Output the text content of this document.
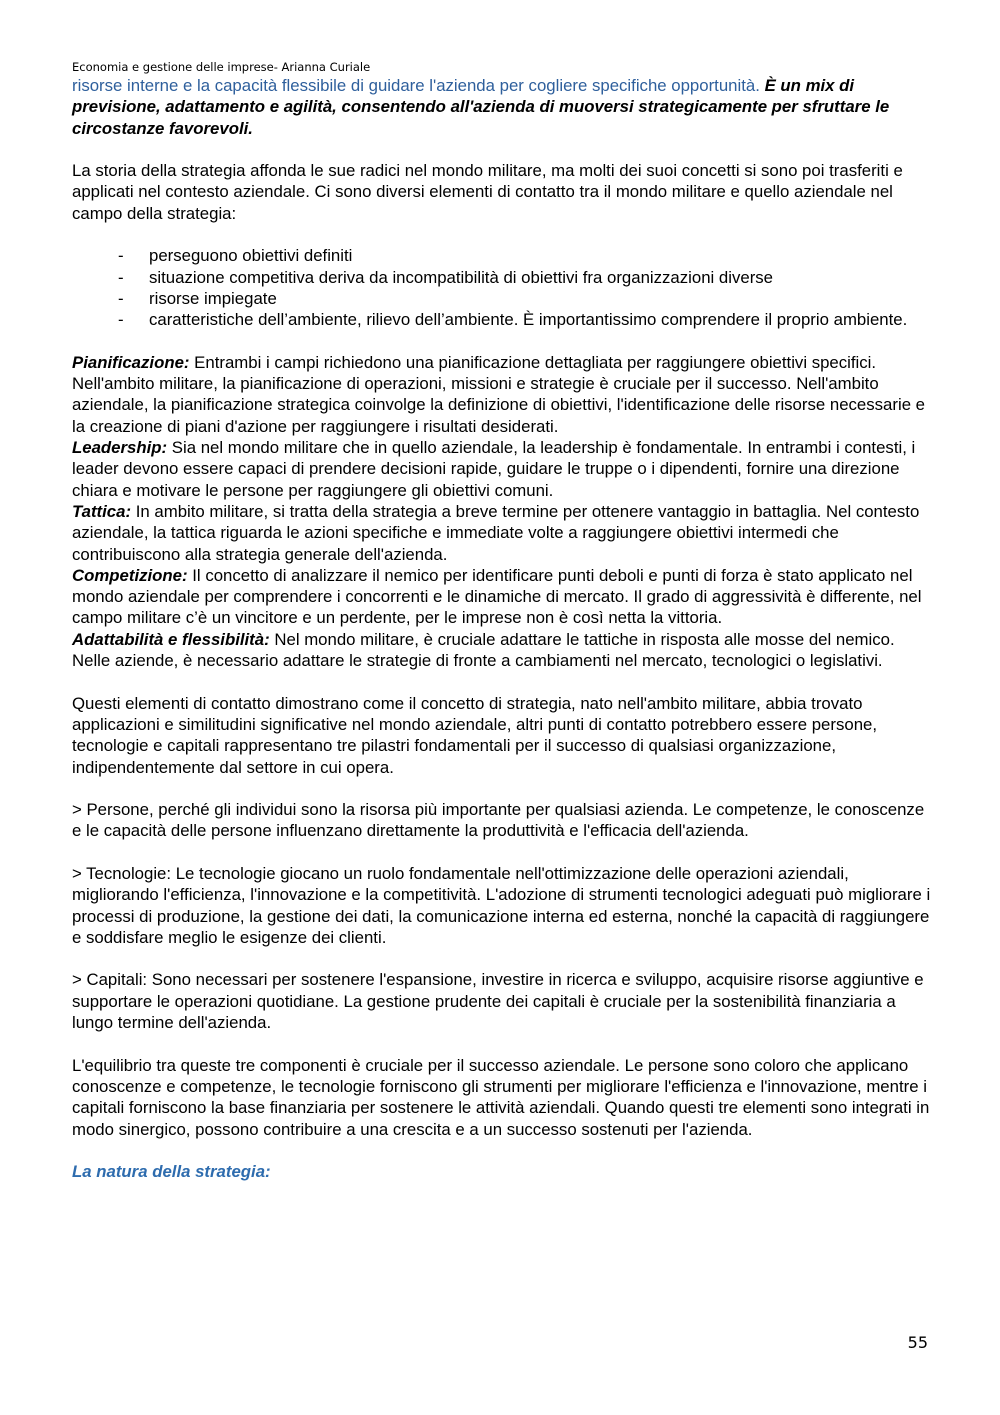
Economia e gestione delle imprese- Arianna Curiale

risorse interne e la capacità flessibile di guidare l'azienda per cogliere specifiche opportunità. È un mix di previsione, adattamento e agilità, consentendo all'azienda di muoversi strategicamente per sfruttare le circostanze favorevoli.

La storia della strategia affonda le sue radici nel mondo militare, ma molti dei suoi concetti si sono poi trasferiti e applicati nel contesto aziendale. Ci sono diversi elementi di contatto tra il mondo militare e quello aziendale nel campo della strategia:

- perseguono obiettivi definiti
- situazione competitiva deriva da incompatibilità di obiettivi fra organizzazioni diverse
- risorse impiegate
- caratteristiche dell’ambiente, rilievo dell’ambiente. È importantissimo comprendere il proprio ambiente.

Pianificazione: Entrambi i campi richiedono una pianificazione dettagliata per raggiungere obiettivi specifici. Nell'ambito militare, la pianificazione di operazioni, missioni e strategie è cruciale per il successo. Nell'ambito aziendale, la pianificazione strategica coinvolge la definizione di obiettivi, l'identificazione delle risorse necessarie e la creazione di piani d'azione per raggiungere i risultati desiderati.

Leadership: Sia nel mondo militare che in quello aziendale, la leadership è fondamentale. In entrambi i contesti, i leader devono essere capaci di prendere decisioni rapide, guidare le truppe o i dipendenti, fornire una direzione chiara e motivare le persone per raggiungere gli obiettivi comuni.

Tattica: In ambito militare, si tratta della strategia a breve termine per ottenere vantaggio in battaglia. Nel contesto aziendale, la tattica riguarda le azioni specifiche e immediate volte a raggiungere obiettivi intermedi che contribuiscono alla strategia generale dell'azienda.

Competizione: Il concetto di analizzare il nemico per identificare punti deboli e punti di forza è stato applicato nel mondo aziendale per comprendere i concorrenti e le dinamiche di mercato. Il grado di aggressività è differente, nel campo militare c’è un vincitore e un perdente, per le imprese non è così netta la vittoria.

Adattabilità e flessibilità: Nel mondo militare, è cruciale adattare le tattiche in risposta alle mosse del nemico. Nelle aziende, è necessario adattare le strategie di fronte a cambiamenti nel mercato, tecnologici o legislativi.

Questi elementi di contatto dimostrano come il concetto di strategia, nato nell'ambito militare, abbia trovato applicazioni e similitudini significative nel mondo aziendale, altri punti di contatto potrebbero essere persone, tecnologie e capitali rappresentano tre pilastri fondamentali per il successo di qualsiasi organizzazione, indipendentemente dal settore in cui opera.

> Persone, perché gli individui sono la risorsa più importante per qualsiasi azienda. Le competenze, le conoscenze e le capacità delle persone influenzano direttamente la produttività e l'efficacia dell'azienda.

> Tecnologie: Le tecnologie giocano un ruolo fondamentale nell'ottimizzazione delle operazioni aziendali, migliorando l'efficienza, l'innovazione e la competitività. L'adozione di strumenti tecnologici adeguati può migliorare i processi di produzione, la gestione dei dati, la comunicazione interna ed esterna, nonché la capacità di raggiungere e soddisfare meglio le esigenze dei clienti.

> Capitali: Sono necessari per sostenere l'espansione, investire in ricerca e sviluppo, acquisire risorse aggiuntive e supportare le operazioni quotidiane. La gestione prudente dei capitali è cruciale per la sostenibilità finanziaria a lungo termine dell'azienda.

L'equilibrio tra queste tre componenti è cruciale per il successo aziendale. Le persone sono coloro che applicano conoscenze e competenze, le tecnologie forniscono gli strumenti per migliorare l'efficienza e l'innovazione, mentre i capitali forniscono la base finanziaria per sostenere le attività aziendali. Quando questi tre elementi sono integrati in modo sinergico, possono contribuire a una crescita e a un successo sostenuti per l'azienda.

La natura della strategia:

55
